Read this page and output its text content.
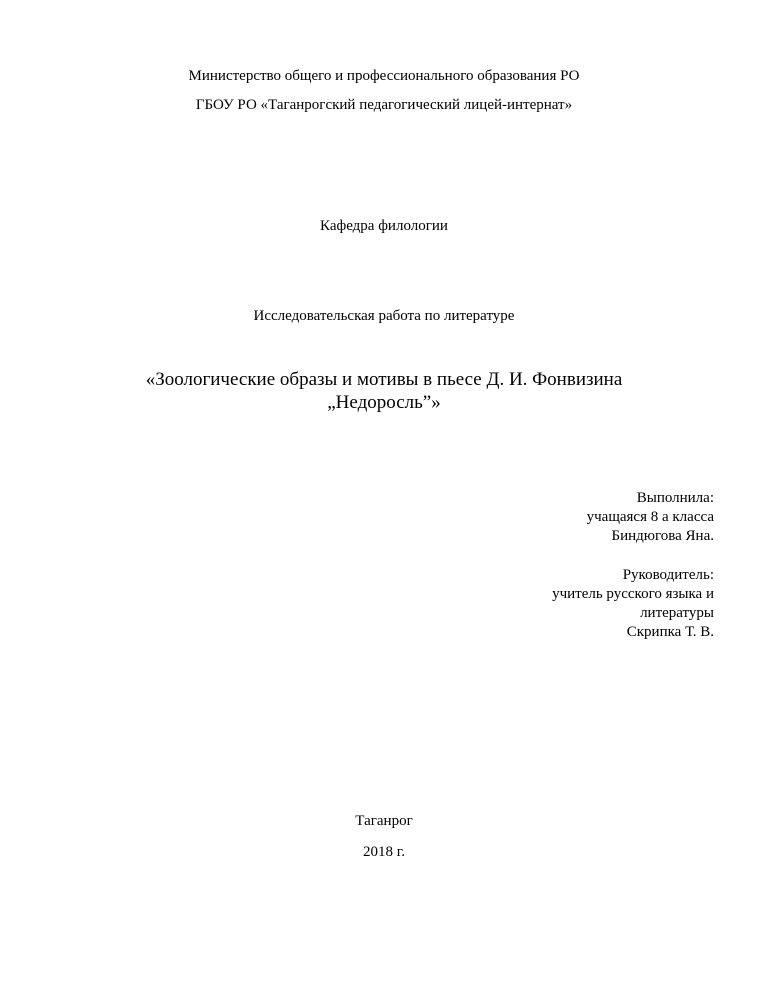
Министерство общего и профессионального образования РО
ГБОУ РО «Таганрогский педагогический лицей-интернат»
Кафедра филологии
Исследовательская работа по литературе
«Зоологические образы и мотивы в пьесе Д. И. Фонвизина
„Недоросль”»
Выполнила:
учащаяся 8 а класса
Биндюгова Яна.
Руководитель:
учитель русского языка и
литературы
Скрипка Т. В.
Таганрог
2018 г.
